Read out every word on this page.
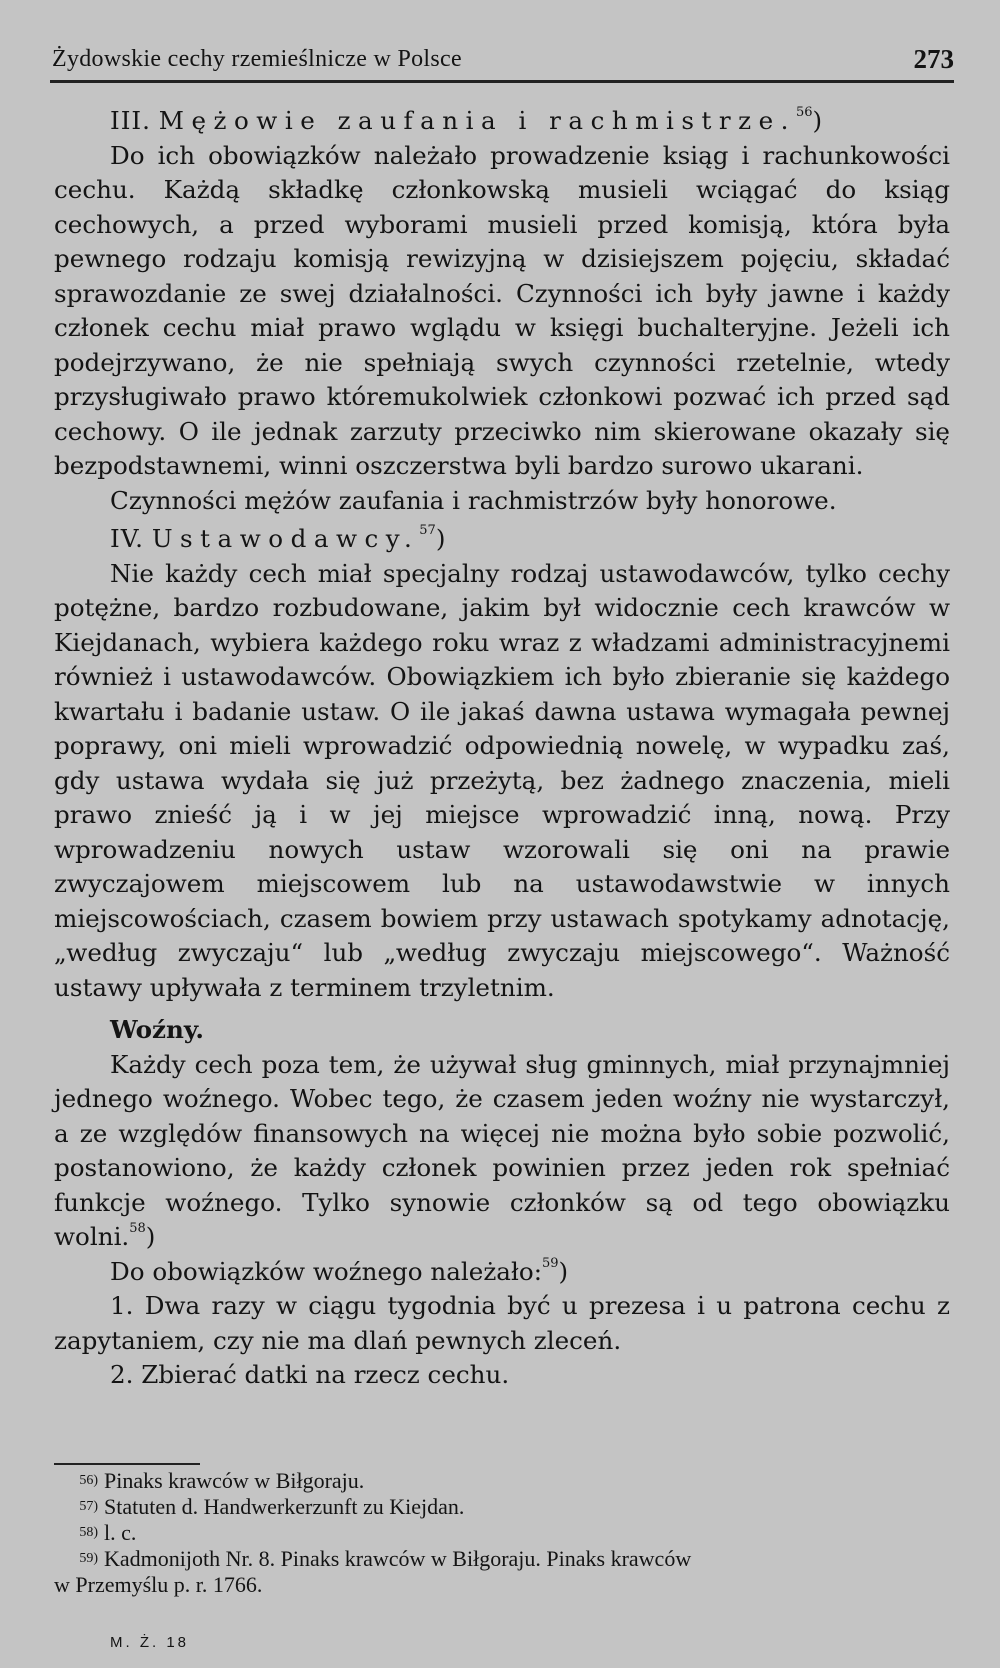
Żydowskie cechy rzemieślnicze w Polsce	273

III. Mężowie zaufania i rachmistrze.$^{56}$)

Do ich obowiązków należało prowadzenie ksiąg i rachunkowości cechu. Każdą składkę członkowską musieli wciągać do ksiąg cechowych, a przed wyborami musieli przed komisją, która była pewnego rodzaju komisją rewizyjną w dzisiejszem pojęciu, składać sprawozdanie ze swej działalności. Czynności ich były jawne i każdy członek cechu miał prawo wglądu w księgi buchalteryjne. Jeżeli ich podejrzywano, że nie spełniają swych czynności rzetelnie, wtedy przysługiwało prawo któremukolwiek członkowi pozwać ich przed sąd cechowy. O ile jednak zarzuty przeciwko nim skierowane okazały się bezpodstawnemi, winni oszczerstwa byli bardzo surowo ukarani.

Czynności mężów zaufania i rachmistrzów były honorowe.

IV. Ustawodawcy.$^{57}$)

Nie każdy cech miał specjalny rodzaj ustawodawców, tylko cechy potężne, bardzo rozbudowane, jakim był widocznie cech krawców w Kiejdanach, wybiera każdego roku wraz z władzami administracyjnemi również i ustawodawców. Obowiązkiem ich było zbieranie się każdego kwartału i badanie ustaw. O ile jakaś dawna ustawa wymagała pewnej poprawy, oni mieli wprowadzić odpowiednią nowelę, w wypadku zaś, gdy ustawa wydała się już przeżytą, bez żadnego znaczenia, mieli prawo znieść ją i w jej miejsce wprowadzić inną, nową. Przy wprowadzeniu nowych ustaw wzorowali się oni na prawie zwyczajowem miejscowem lub na ustawodawstwie w innych miejscowościach, czasem bowiem przy ustawach spotykamy adnotację, „według zwyczaju“ lub „według zwyczaju miejscowego“. Ważność ustawy upływała z terminem trzyletnim.

Woźny.

Każdy cech poza tem, że używał sług gminnych, miał przynajmniej jednego woźnego. Wobec tego, że czasem jeden woźny nie wystarczył, a ze względów finansowych na więcej nie można było sobie pozwolić, postanowiono, że każdy członek powinien przez jeden rok spełniać funkcje woźnego. Tylko synowie członków są od tego obowiązku wolni.$^{58}$)

Do obowiązków woźnego należało:$^{59}$)

1. Dwa razy w ciągu tygodnia być u prezesa i u patrona cechu z zapytaniem, czy nie ma dlań pewnych zleceń.

2. Zbierać datki na rzecz cechu.

56) Pinaks krawców w Biłgoraju.
57) Statuten d. Handwerkerzunft zu Kiejdan.
58) l. c.
59) Kadmonijoth Nr. 8. Pinaks krawców w Biłgoraju. Pinaks krawców
w Przemyślu p. r. 1766.
M. Ż. 18
